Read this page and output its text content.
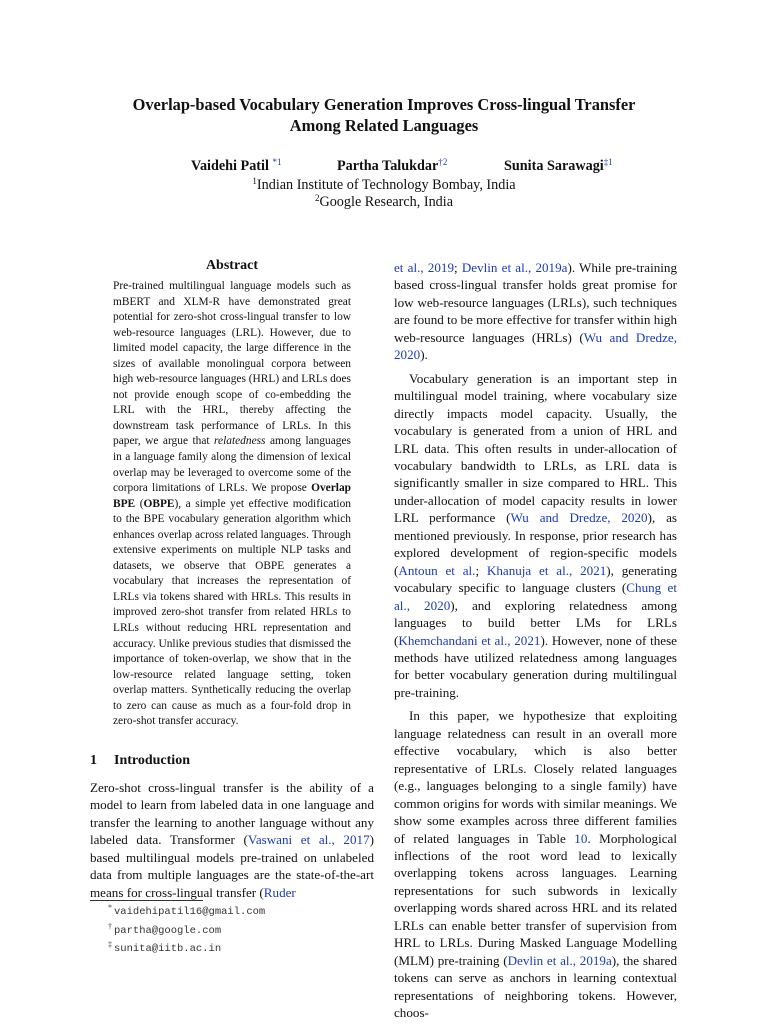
Overlap-based Vocabulary Generation Improves Cross-lingual Transfer
Among Related Languages
Vaidehi Patil $^{*1}$	Partha Talukdar$^{\dagger 2}$	Sunita Sarawagi$^{\ddagger 1}$
$^1$Indian Institute of Technology Bombay, India
$^2$Google Research, India
Abstract
Pre-trained multilingual language models such as mBERT and XLM-R have demonstrated great potential for zero-shot cross-lingual transfer to low web-resource languages (LRL). However, due to limited model capacity, the large difference in the sizes of available monolingual corpora between high web-resource languages (HRL) and LRLs does not provide enough scope of co-embedding the LRL with the HRL, thereby affecting the downstream task performance of LRLs. In this paper, we argue that relatedness among languages in a language family along the dimension of lexical overlap may be leveraged to overcome some of the corpora limitations of LRLs. We propose Overlap BPE (OBPE), a simple yet effective modification to the BPE vocabulary generation algorithm which enhances overlap across related languages. Through extensive experiments on multiple NLP tasks and datasets, we observe that OBPE generates a vocabulary that increases the representation of LRLs via tokens shared with HRLs. This results in improved zero-shot transfer from related HRLs to LRLs without reducing HRL representation and accuracy. Unlike previous studies that dismissed the importance of token-overlap, we show that in the low-resource related language setting, token overlap matters. Synthetically reducing the overlap to zero can cause as much as a four-fold drop in zero-shot transfer accuracy.
1 Introduction
Zero-shot cross-lingual transfer is the ability of a model to learn from labeled data in one language and transfer the learning to another language without any labeled data. Transformer (Vaswani et al., 2017) based multilingual models pre-trained on unlabeled data from multiple languages are the state-of-the-art means for cross-lingual transfer (Ruder

et al., 2019; Devlin et al., 2019a). While pre-training based cross-lingual transfer holds great promise for low web-resource languages (LRLs), such techniques are found to be more effective for transfer within high web-resource languages (HRLs) (Wu and Dredze, 2020).

Vocabulary generation is an important step in multilingual model training, where vocabulary size directly impacts model capacity. Usually, the vocabulary is generated from a union of HRL and LRL data. This often results in under-allocation of vocabulary bandwidth to LRLs, as LRL data is significantly smaller in size compared to HRL. This under-allocation of model capacity results in lower LRL performance (Wu and Dredze, 2020), as mentioned previously. In response, prior research has explored development of region-specific models (Antoun et al.; Khanuja et al., 2021), generating vocabulary specific to language clusters (Chung et al., 2020), and exploring relatedness among languages to build better LMs for LRLs (Khemchandani et al., 2021). However, none of these methods have utilized relatedness among languages for better vocabulary generation during multilingual pre-training.

In this paper, we hypothesize that exploiting language relatedness can result in an overall more effective vocabulary, which is also better representative of LRLs. Closely related languages (e.g., languages belonging to a single family) have common origins for words with similar meanings. We show some examples across three different families of related languages in Table 10. Morphological inflections of the root word lead to lexically overlapping tokens across languages. Learning representations for such subwords in lexically overlapping words shared across HRL and its related LRLs can enable better transfer of supervision from HRL to LRLs. During Masked Language Modelling (MLM) pre-training (Devlin et al., 2019a), the shared tokens can serve as anchors in learning contextual representations of neighboring tokens. However, choos-

* vaidehipatil16@gmail.com
† partha@google.com
‡ sunita@iitb.ac.in
